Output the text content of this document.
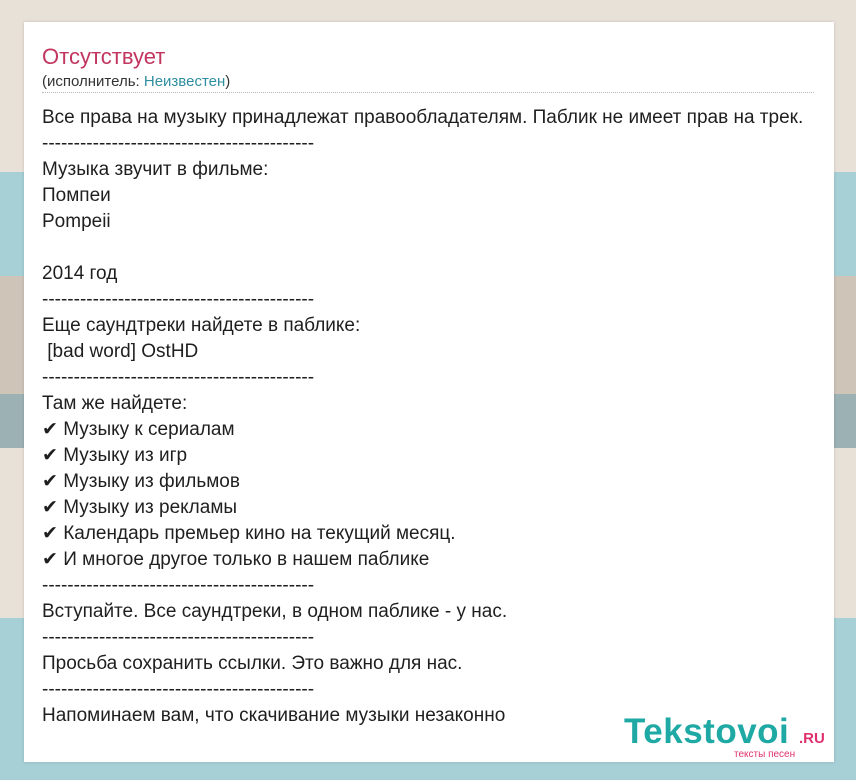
Отсутствует
(исполнитель: Неизвестен)
Все права на музыку принадлежат правообладателям. Паблик не имеет прав на трек.
-------------------------------------------
Музыка звучит в фильме:
Помпеи
Pompeii
2014 год
-------------------------------------------
Еще саундтреки найдете в паблике:
[bad word] OstHD
-------------------------------------------
Там же найдете:
✔ Музыку к сериалам
✔ Музыку из игр
✔ Музыку из фильмов
✔ Музыку из рекламы
✔ Календарь премьер кино на текущий месяц.
✔ И многое другое только в нашем паблике
-------------------------------------------
Вступайте. Все саундтреки, в одном паблике - у нас.
-------------------------------------------
Просьба сохранить ссылки. Это важно для нас.
-------------------------------------------
Напоминаем вам, что скачивание музыки незаконно	Tekstovoi .RU
тексты песен
